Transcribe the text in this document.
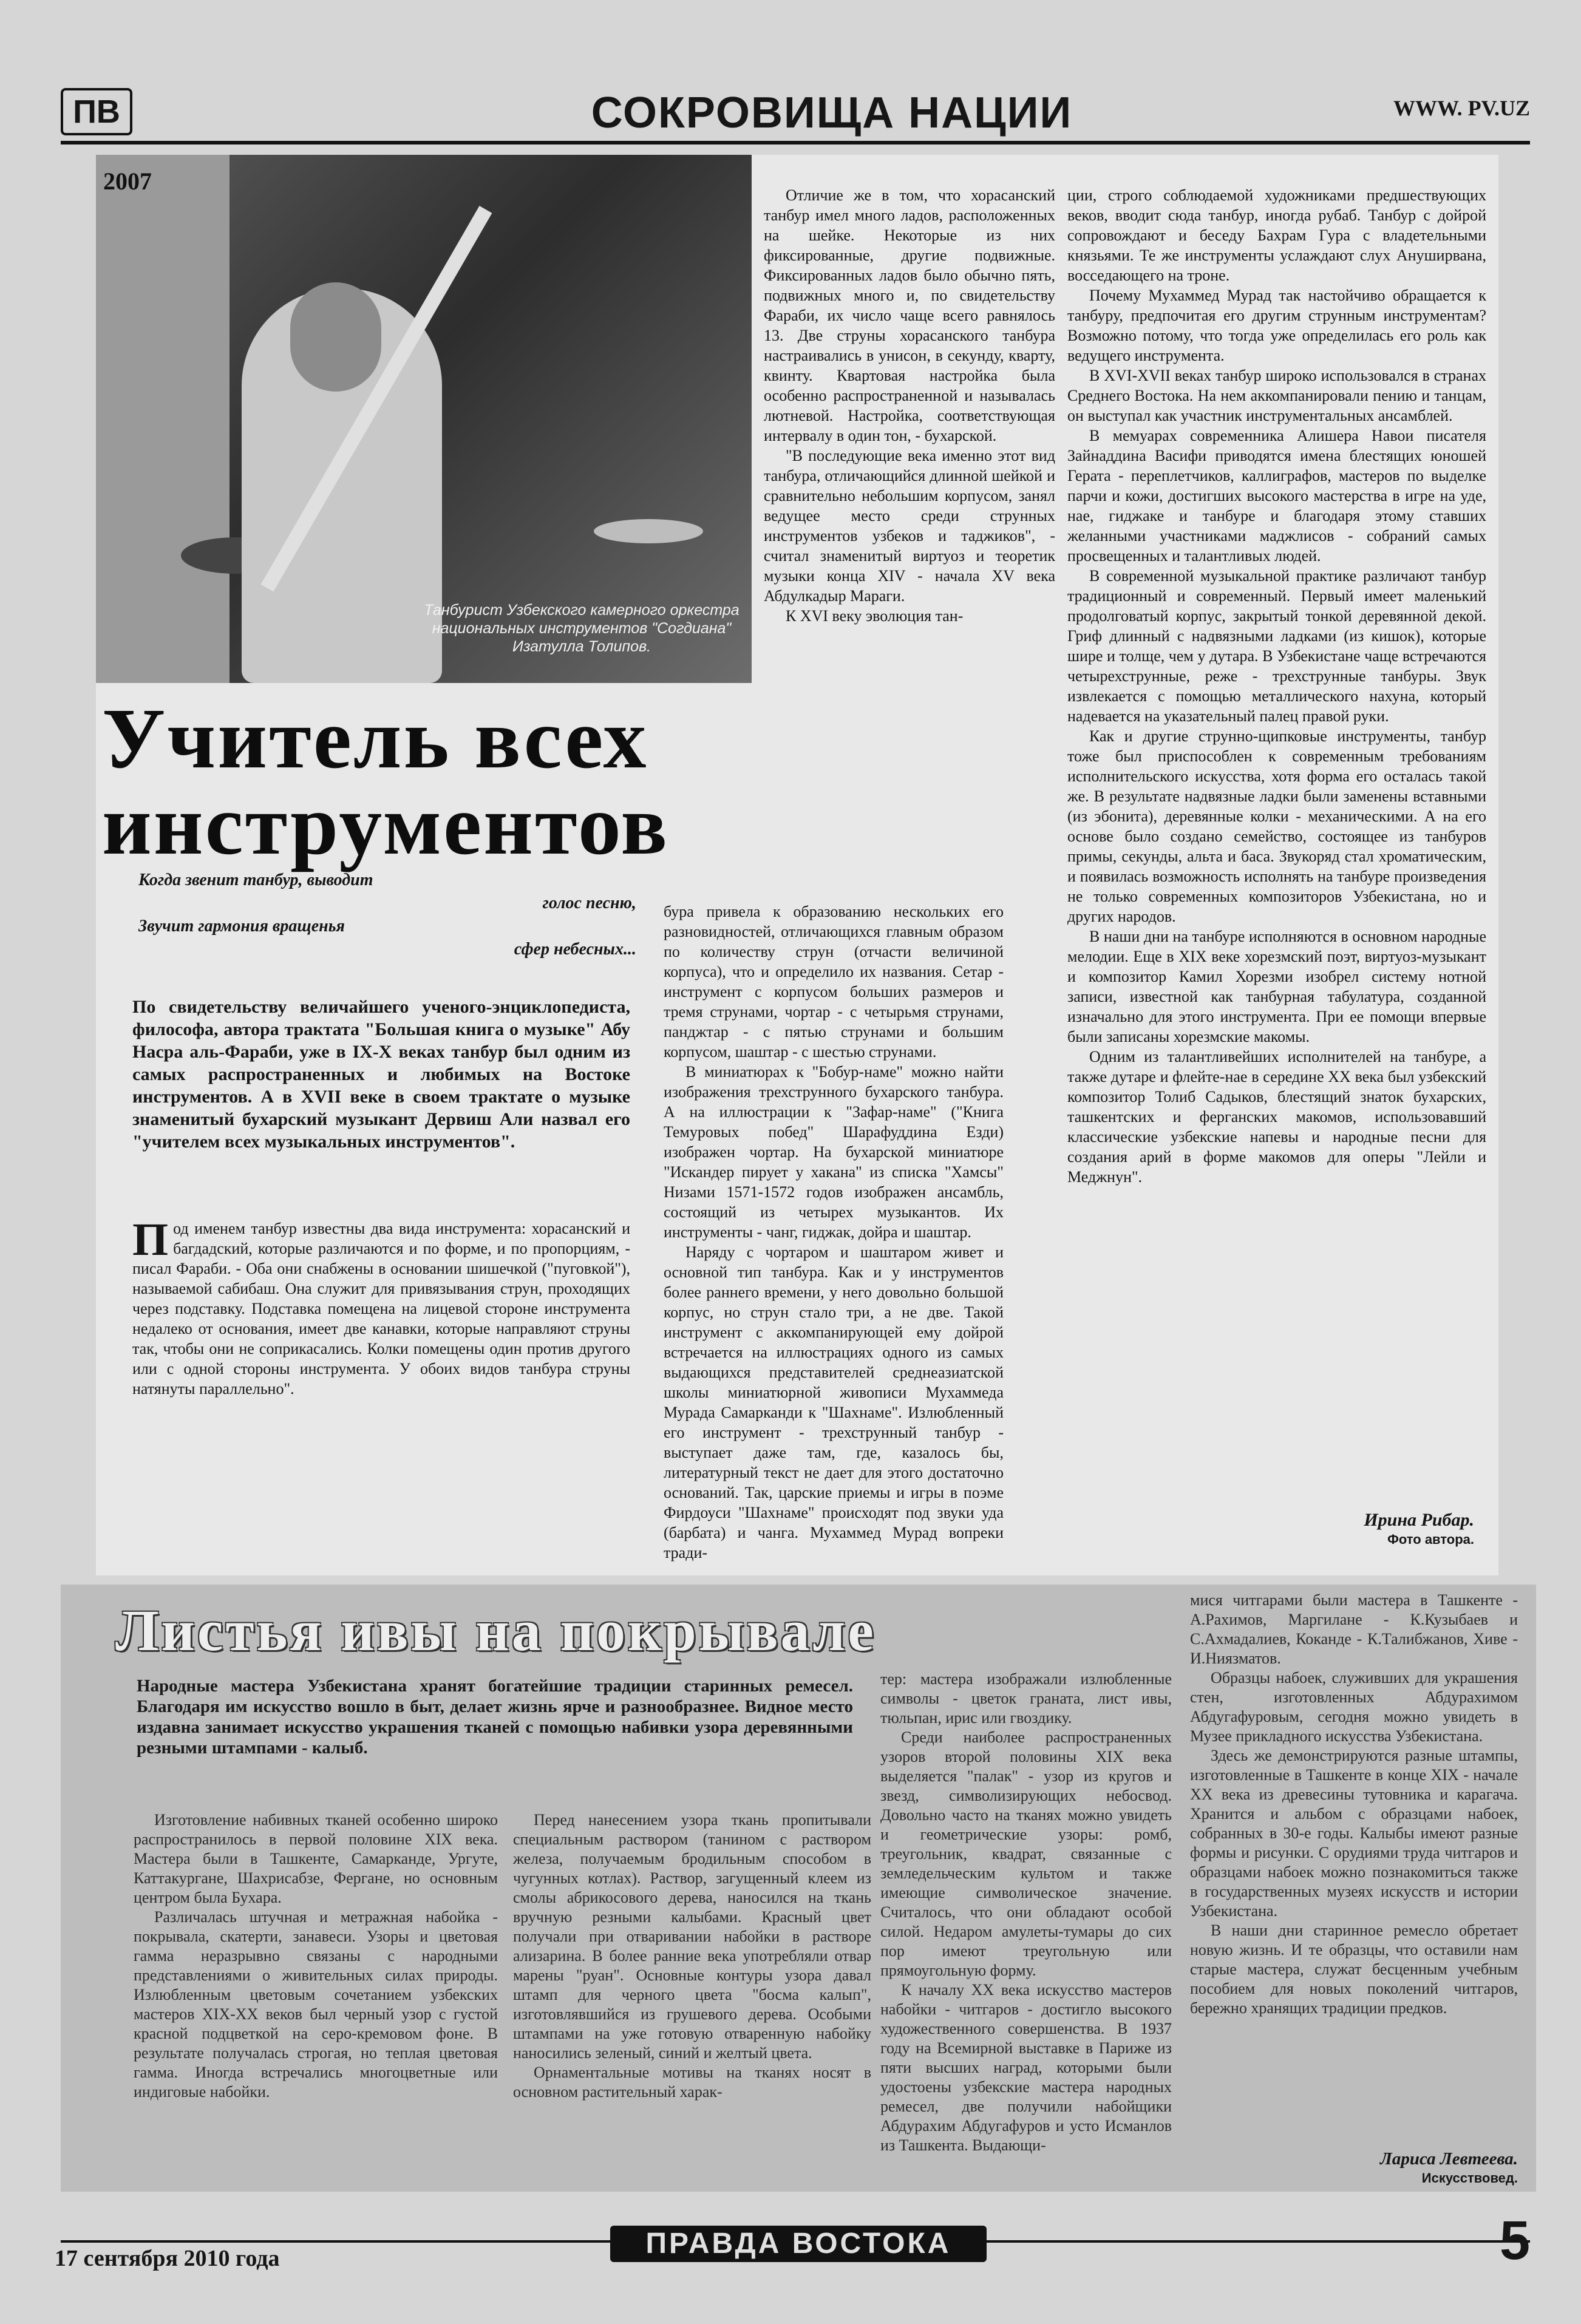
ПВ	СОКРОВИЩА НАЦИИ	WWW. PV.UZ
2007
Танбурист Узбекского камерного оркестра национальных инструментов "Согдиана" Изатулла Толипов.
Учитель всех инструментов
Когда звенит танбур, выводит
голос песню,
Звучит гармония вращенья
сфер небесных...
По свидетельству величайшего ученого-энциклопедиста, философа, автора трактата "Большая книга о музыке" Абу Насра аль-Фараби, уже в IX-X веках танбур был одним из самых распространенных и любимых на Востоке инструментов. А в XVII веке в своем трактате о музыке знаменитый бухарский музыкант Дервиш Али назвал его "учителем всех музыкальных инструментов".
Под именем танбур известны два вида инструмента: хорасанский и багдадский, которые различаются и по форме, и по пропорциям, - писал Фараби. - Оба они снабжены в основании шишечкой ("пуговкой"), называемой сабибаш. Она служит для привязывания струн, проходящих через подставку. Подставка помещена на лицевой стороне инструмента недалеко от основания, имеет две канавки, которые направляют струны так, чтобы они не соприкасались. Колки помещены один против другого или с одной стороны инструмента. У обоих видов танбура струны натянуты параллельно".

бура привела к образованию нескольких его разновидностей, отличающихся главным образом по количеству струн (отчасти величиной корпуса), что и определило их названия. Сетар - инструмент с корпусом больших размеров и тремя струнами, чортар - с четырьмя струнами, панджтар - с пятью струнами и большим корпусом, шаштар - с шестью струнами.

В миниатюрах к "Бобур-наме" можно найти изображения трехструнного бухарского танбура. А на иллюстрации к "Зафар-наме" ("Книга Темуровых побед" Шарафуддина Езди) изображен чортар. На бухарской миниатюре "Искандер пирует у хакана" из списка "Хамсы" Низами 1571-1572 годов изображен ансамбль, состоящий из четырех музыкантов. Их инструменты - чанг, гиджак, дойра и шаштар.

Наряду с чортаром и шаштаром живет и основной тип танбура. Как и у инструментов более раннего времени, у него довольно большой корпус, но струн стало три, а не две. Такой инструмент с аккомпанирующей ему дойрой встречается на иллюстрациях одного из самых выдающихся представителей среднеазиатской школы миниатюрной живописи Мухаммеда Мурада Самарканди к "Шахнаме". Излюбленный его инструмент - трехструнный танбур - выступает даже там, где, казалось бы, литературный текст не дает для этого достаточно оснований. Так, царские приемы и игры в поэме Фирдоуси "Шахнаме" происходят под звуки уда (барбата) и чанга. Мухаммед Мурад вопреки тради-

Отличие же в том, что хорасанский танбур имел много ладов, расположенных на шейке. Некоторые из них фиксированные, другие подвижные. Фиксированных ладов было обычно пять, подвижных много и, по свидетельству Фараби, их число чаще всего равнялось 13. Две струны хорасанского танбура настраивались в унисон, в секунду, кварту, квинту. Квартовая настройка была особенно распространенной и называлась лютневой. Настройка, соответствующая интервалу в один тон, - бухарской.

"В последующие века именно этот вид танбура, отличающийся длинной шейкой и сравнительно небольшим корпусом, занял ведущее место среди струнных инструментов узбеков и таджиков", - считал знаменитый виртуоз и теоретик музыки конца XIV - начала XV века Абдулкадыр Мараги.

К XVI веку эволюция тан-

ции, строго соблюдаемой художниками предшествующих веков, вводит сюда танбур, иногда рубаб. Танбур с дойрой сопровождают и беседу Бахрам Гура с владетельными князьями. Те же инструменты услаждают слух Ануширвана, восседающего на троне.

Почему Мухаммед Мурад так настойчиво обращается к танбуру, предпочитая его другим струнным инструментам? Возможно потому, что тогда уже определилась его роль как ведущего инструмента.

В XVI-XVII веках танбур широко использовался в странах Среднего Востока. На нем аккомпанировали пению и танцам, он выступал как участник инструментальных ансамблей.

В мемуарах современника Алишера Навои писателя Зайнаддина Васифи приводятся имена блестящих юношей Герата - переплетчиков, каллиграфов, мастеров по выделке парчи и кожи, достигших высокого мастерства в игре на уде, нае, гиджаке и танбуре и благодаря этому ставших желанными участниками маджлисов - собраний самых просвещенных и талантливых людей.

В современной музыкальной практике различают танбур традиционный и современный. Первый имеет маленький продолговатый корпус, закрытый тонкой деревянной декой. Гриф длинный с надвязными ладками (из кишок), которые шире и толще, чем у дутара. В Узбекистане чаще встречаются четырехструнные, реже - трехструнные танбуры. Звук извлекается с помощью металлического нахуна, который надевается на указательный палец правой руки.

Как и другие струнно-щипковые инструменты, танбур тоже был приспособлен к современным требованиям исполнительского искусства, хотя форма его осталась такой же. В результате надвязные ладки были заменены вставными (из эбонита), деревянные колки - механическими. А на его основе было создано семейство, состоящее из танбуров примы, секунды, альта и баса. Звукоряд стал хроматическим, и появилась возможность исполнять на танбуре произведения не только современных композиторов Узбекистана, но и других народов.

В наши дни на танбуре исполняются в основном народные мелодии. Еще в XIX веке хорезмский поэт, виртуоз-музыкант и композитор Камил Хорезми изобрел систему нотной записи, известной как танбурная табулатура, созданной изначально для этого инструмента. При ее помощи впервые были записаны хорезмские макомы.

Одним из талантливейших исполнителей на танбуре, а также дутаре и флейте-нае в середине XX века был узбекский композитор Толиб Садыков, блестящий знаток бухарских, ташкентских и ферганских макомов, использовавший классические узбекские напевы и народные песни для создания арий в форме макомов для оперы "Лейли и Меджнун".

Ирина Рибар.
Фото автора.
Листья ивы на покрывале
Народные мастера Узбекистана хранят богатейшие традиции старинных ремесел. Благодаря им искусство вошло в быт, делает жизнь ярче и разнообразнее. Видное место издавна занимает искусство украшения тканей с помощью набивки узора деревянными резными штампами - калыб.

Изготовление набивных тканей особенно широко распространилось в первой половине XIX века. Мастера были в Ташкенте, Самарканде, Ургуте, Каттакургане, Шахрисабзе, Фергане, но основным центром была Бухара.

Различалась штучная и метражная набойка - покрывала, скатерти, занавеси. Узоры и цветовая гамма неразрывно связаны с народными представлениями о живительных силах природы. Излюбленным цветовым сочетанием узбекских мастеров XIX-XX веков был черный узор с густой красной подцветкой на серо-кремовом фоне. В результате получалась строгая, но теплая цветовая гамма. Иногда встречались многоцветные или индиговые набойки.

Перед нанесением узора ткань пропитывали специальным раствором (танином с раствором железа, получаемым бродильным способом в чугунных котлах). Раствор, загущенный клеем из смолы абрикосового дерева, наносился на ткань вручную резными калыбами. Красный цвет получали при отваривании набойки в растворе ализарина. В более ранние века употребляли отвар марены "руан". Основные контуры узора давал штамп для черного цвета "босма калып", изготовлявшийся из грушевого дерева. Особыми штампами на уже готовую отваренную набойку наносились зеленый, синий и желтый цвета.

Орнаментальные мотивы на тканях носят в основном растительный харак-

тер: мастера изображали излюбленные символы - цветок граната, лист ивы, тюльпан, ирис или гвоздику.

Среди наиболее распространенных узоров второй половины XIX века выделяется "палак" - узор из кругов и звезд, символизирующих небосвод. Довольно часто на тканях можно увидеть и геометрические узоры: ромб, треугольник, квадрат, связанные с земледельческим культом и также имеющие символическое значение. Считалось, что они обладают особой силой. Недаром амулеты-тумары до сих пор имеют треугольную или прямоугольную форму.

К началу XX века искусство мастеров набойки - читгаров - достигло высокого художественного совершенства. В 1937 году на Всемирной выставке в Париже из пяти высших наград, которыми были удостоены узбекские мастера народных ремесел, две получили набойщики Абдурахим Абдугафуров и усто Исманлов из Ташкента. Выдающи-

мися читгарами были мастера в Ташкенте - А.Рахимов, Маргилане - К.Кузыбаев и С.Ахмадалиев, Коканде - К.Талибжанов, Хиве - И.Ниязматов.

Образцы набоек, служивших для украшения стен, изготовленных Абдурахимом Абдугафуровым, сегодня можно увидеть в Музее прикладного искусства Узбекистана.

Здесь же демонстрируются разные штампы, изготовленные в Ташкенте в конце XIX - начале XX века из древесины тутовника и карагача. Хранится и альбом с образцами набоек, собранных в 30-е годы. Калыбы имеют разные формы и рисунки. С орудиями труда читгаров и образцами набоек можно познакомиться также в государственных музеях искусств и истории Узбекистана.

В наши дни старинное ремесло обретает новую жизнь. И те образцы, что оставили нам старые мастера, служат бесценным учебным пособием для новых поколений читгаров, бережно хранящих традиции предков.

Лариса Левтеева.
Искусствовед.
17 сентября 2010 года	ПРАВДА ВОСТОКА	5
